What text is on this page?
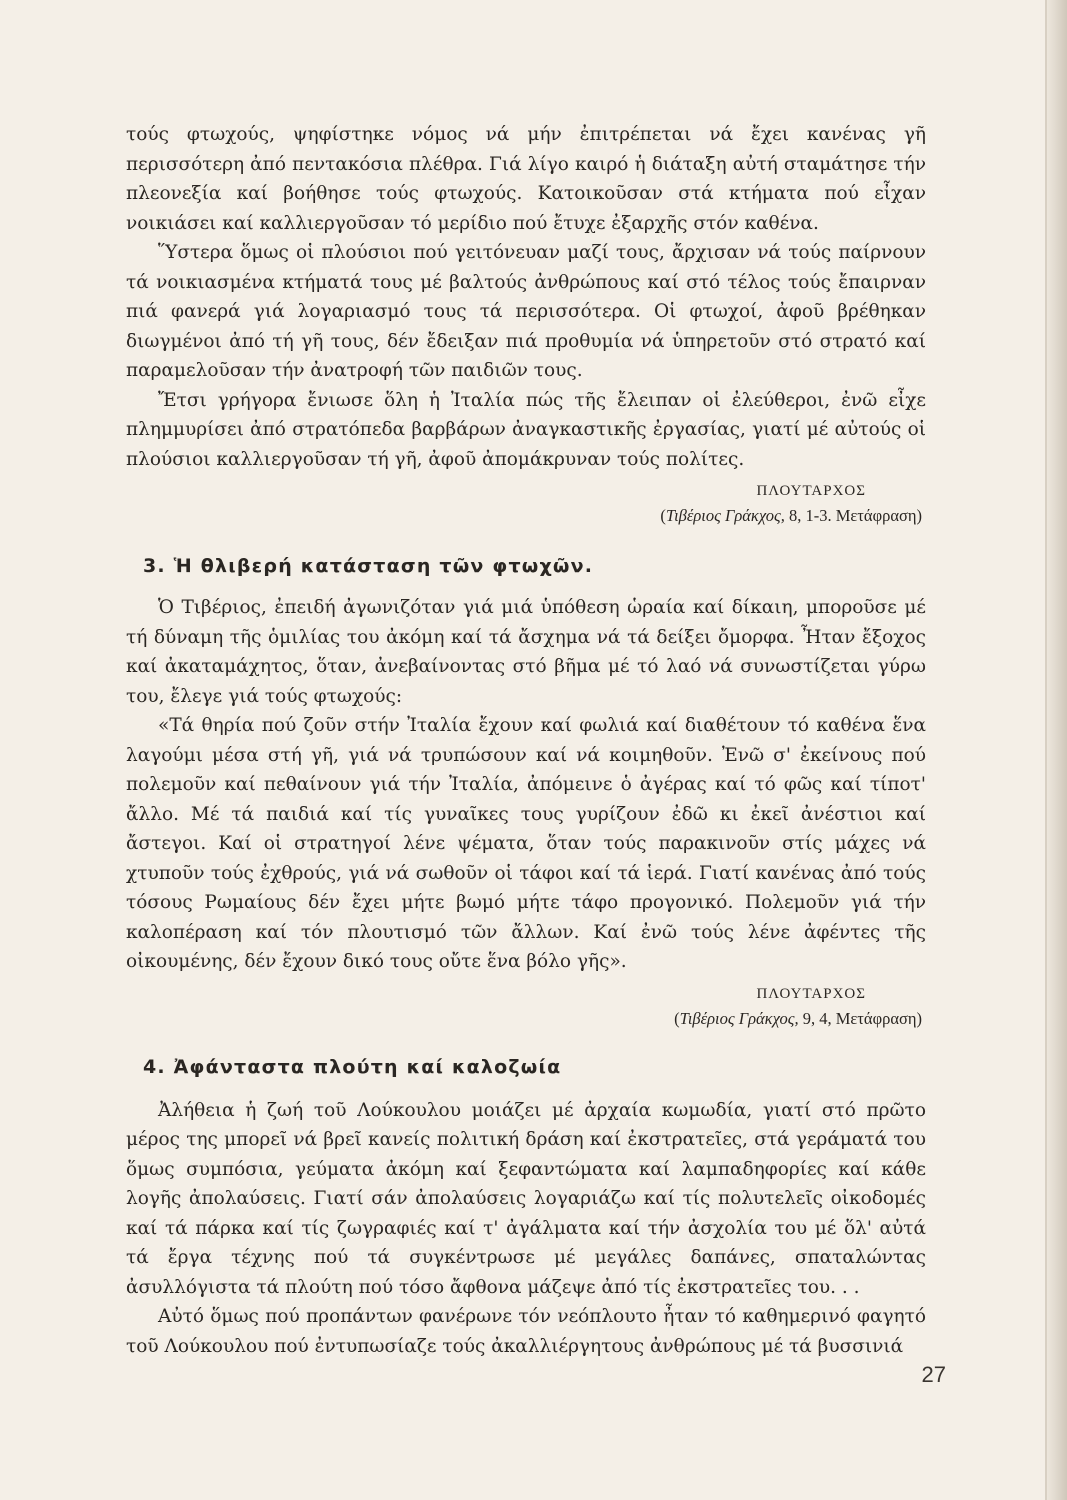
τούς φτωχούς, ψηφίστηκε νόμος νά μήν ἐπιτρέπεται νά ἔχει κανένας γῆ περισσότερη ἀπό πεντακόσια πλέθρα. Γιά λίγο καιρό ἡ διάταξη αὐτή σταμάτησε τήν πλεονεξία καί βοήθησε τούς φτωχούς. Κατοικοῦσαν στά κτήματα πού εἶχαν νοικιάσει καί καλλιεργοῦσαν τό μερίδιο πού ἔτυχε ἐξαρχῆς στόν καθένα.

Ὕστερα ὅμως οἱ πλούσιοι πού γειτόνευαν μαζί τους, ἄρχισαν νά τούς παίρνουν τά νοικιασμένα κτήματά τους μέ βαλτούς ἀνθρώπους καί στό τέλος τούς ἔπαιρναν πιά φανερά γιά λογαριασμό τους τά περισσότερα. Οἱ φτωχοί, ἀφοῦ βρέθηκαν διωγμένοι ἀπό τή γῆ τους, δέν ἔδειξαν πιά προθυμία νά ὑπηρετοῦν στό στρατό καί παραμελοῦσαν τήν ἀνατροφή τῶν παιδιῶν τους.

Ἔτσι γρήγορα ἔνιωσε ὅλη ἡ Ἰταλία πώς τῆς ἔλειπαν οἱ ἐλεύθεροι, ἐνῶ εἶχε πλημμυρίσει ἀπό στρατόπεδα βαρβάρων ἀναγκαστικῆς ἐργασίας, γιατί μέ αὐτούς οἱ πλούσιοι καλλιεργοῦσαν τή γῆ, ἀφοῦ ἀπομάκρυναν τούς πολίτες.

ΠΛΟΥΤΑΡΧΟΣ

(Τιβέριος Γράκχος, 8, 1-3. Μετάφραση)

3. Ἡ θλιβερή κατάσταση τῶν φτωχῶν.

Ὁ Τιβέριος, ἐπειδή ἀγωνιζόταν γιά μιά ὑπόθεση ὡραία καί δίκαιη, μποροῦσε μέ τή δύναμη τῆς ὁμιλίας του ἀκόμη καί τά ἄσχημα νά τά δείξει ὄμορφα. Ἦταν ἔξοχος καί ἀκαταμάχητος, ὅταν, ἀνεβαίνοντας στό βῆμα μέ τό λαό νά συνωστίζεται γύρω του, ἔλεγε γιά τούς φτωχούς:

«Τά θηρία πού ζοῦν στήν Ἰταλία ἔχουν καί φωλιά καί διαθέτουν τό καθένα ἕνα λαγούμι μέσα στή γῆ, γιά νά τρυπώσουν καί νά κοιμηθοῦν. Ἐνῶ σ' ἐκείνους πού πολεμοῦν καί πεθαίνουν γιά τήν Ἰταλία, ἀπόμεινε ὁ ἀγέρας καί τό φῶς καί τίποτ' ἄλλο. Μέ τά παιδιά καί τίς γυναῖκες τους γυρίζουν ἐδῶ κι ἐκεῖ ἀνέστιοι καί ἄστεγοι. Καί οἱ στρατηγοί λένε ψέματα, ὅταν τούς παρακινοῦν στίς μάχες νά χτυποῦν τούς ἐχθρούς, γιά νά σωθοῦν οἱ τάφοι καί τά ἱερά. Γιατί κανένας ἀπό τούς τόσους Ρωμαίους δέν ἔχει μήτε βωμό μήτε τάφο προγονικό. Πολεμοῦν γιά τήν καλοπέραση καί τόν πλουτισμό τῶν ἄλλων. Καί ἐνῶ τούς λένε ἀφέντες τῆς οἰκουμένης, δέν ἔχουν δικό τους οὔτε ἕνα βόλο γῆς».

ΠΛΟΥΤΑΡΧΟΣ

(Τιβέριος Γράκχος, 9, 4, Μετάφραση)

4. Ἀφάνταστα πλούτη καί καλοζωία

Ἀλήθεια ἡ ζωή τοῦ Λούκουλου μοιάζει μέ ἀρχαία κωμωδία, γιατί στό πρῶτο μέρος της μπορεῖ νά βρεῖ κανείς πολιτική δράση καί ἐκστρατεῖες, στά γεράματά του ὅμως συμπόσια, γεύματα ἀκόμη καί ξεφαντώματα καί λαμπαδηφορίες καί κάθε λογῆς ἀπολαύσεις. Γιατί σάν ἀπολαύσεις λογαριάζω καί τίς πολυτελεῖς οἰκοδομές καί τά πάρκα καί τίς ζωγραφιές καί τ' ἀγάλματα καί τήν ἀσχολία του μέ ὅλ' αὐτά τά ἔργα τέχνης πού τά συγκέντρωσε μέ μεγάλες δαπάνες, σπαταλώντας ἀσυλλόγιστα τά πλούτη πού τόσο ἄφθονα μάζεψε ἀπό τίς ἐκστρατεῖες του. . .

Αὐτό ὅμως πού προπάντων φανέρωνε τόν νεόπλουτο ἦταν τό καθημερινό φαγητό τοῦ Λούκουλου πού ἐντυπωσίαζε τούς ἀκαλλιέργητους ἀνθρώπους μέ τά βυσσινιά

27
